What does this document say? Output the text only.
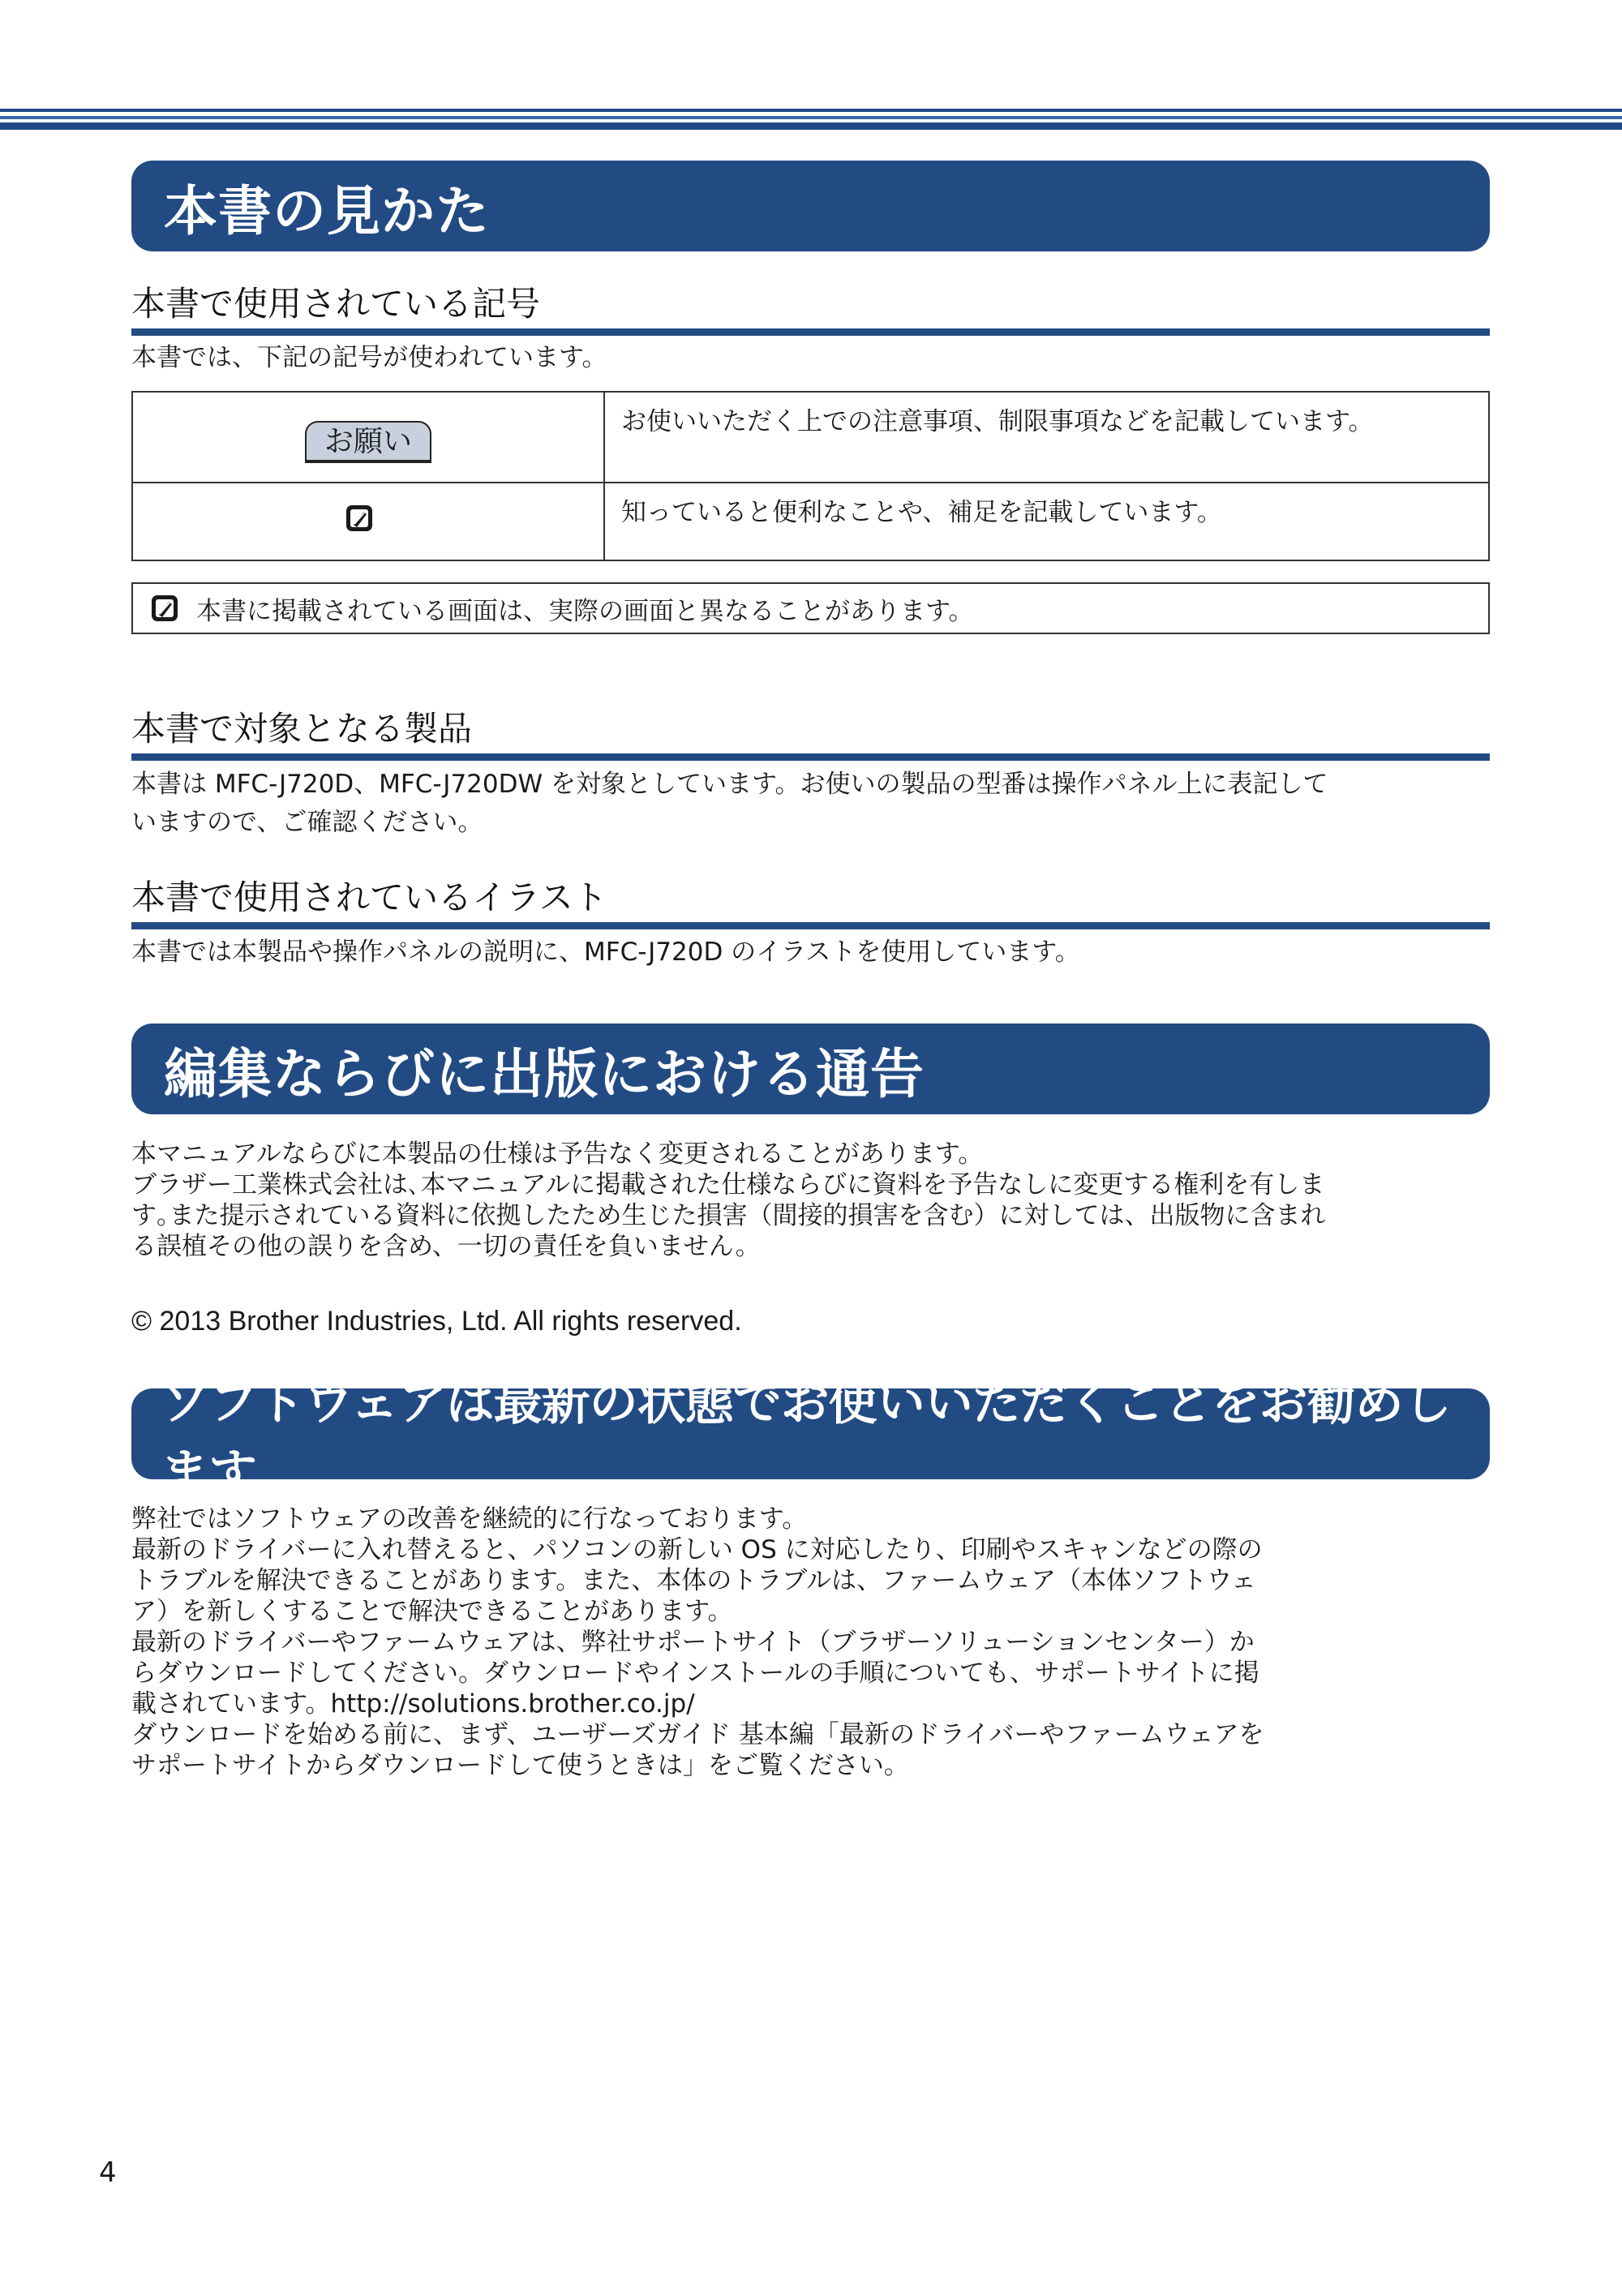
本書の見かた
本書で使用されている記号
本書では、下記の記号が使われています。
お願い	お使いいただく上での注意事項、制限事項などを記載しています。
	知っていると便利なことや、補足を記載しています。
本書に掲載されている画面は、実際の画面と異なることがあります。
本書で対象となる製品
本書は MFC-J720D、MFC-J720DW を対象としています。お使いの製品の型番は操作パネル上に表記して
いますので、ご確認ください。
本書で使用されているイラスト
本書では本製品や操作パネルの説明に、MFC-J720D のイラストを使用しています。
編集ならびに出版における通告
本マニュアルならびに本製品の仕様は予告なく変更されることがあります。
ブラザー工業株式会社は､本マニュアルに掲載された仕様ならびに資料を予告なしに変更する権利を有しま
す｡また提示されている資料に依拠したため生じた損害（間接的損害を含む）に対しては、出版物に含まれ
る誤植その他の誤りを含め、一切の責任を負いません。
© 2013 Brother Industries, Ltd. All rights reserved.
ソフトウェアは最新の状態でお使いいただくことをお勧めします
弊社ではソフトウェアの改善を継続的に行なっております。
最新のドライバーに入れ替えると、パソコンの新しい OS に対応したり、印刷やスキャンなどの際の
トラブルを解決できることがあります。また、本体のトラブルは、ファームウェア（本体ソフトウェ
ア）を新しくすることで解決できることがあります。
最新のドライバーやファームウェアは、弊社サポートサイト（ブラザーソリューションセンター）か
らダウンロードしてください。ダウンロードやインストールの手順についても、サポートサイトに掲
載されています。http://solutions.brother.co.jp/
ダウンロードを始める前に、まず、ユーザーズガイド 基本編「最新のドライバーやファームウェアを
サポートサイトからダウンロードして使うときは」をご覧ください。
4
